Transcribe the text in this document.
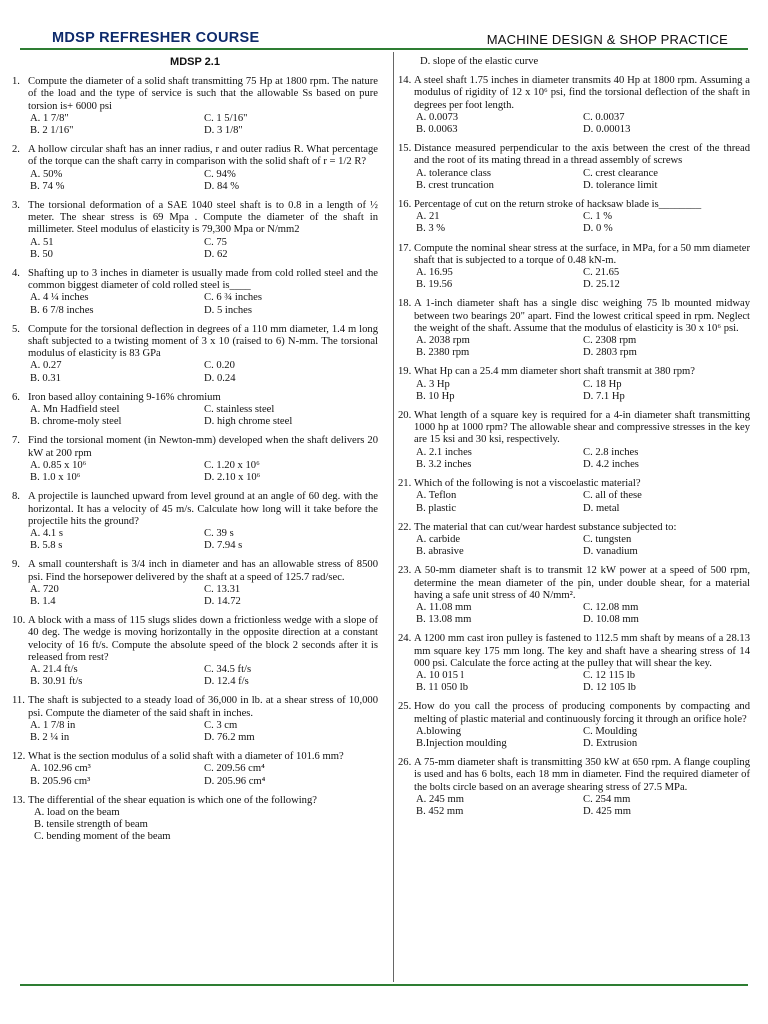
MDSP REFRESHER COURSE	MACHINE DESIGN & SHOP PRACTICE
MDSP 2.1
1. Compute the diameter of a solid shaft transmitting 75 Hp at 1800 rpm. The nature of the load and the type of service is such that the allowable Ss based on pure torsion is+ 6000 psi
A. 1 7/8"	C. 1 5/16"
B. 2 1/16"	D. 3 1/8"
2. A hollow circular shaft has an inner radius, r and outer radius R. What percentage of the torque can the shaft carry in comparison with the solid shaft of r = 1/2 R?
A. 50%	C. 94%
B. 74 %	D. 84 %
3. The torsional deformation of a SAE 1040 steel shaft is to 0.8 in a length of ½ meter. The shear stress is 69 Mpa . Compute the diameter of the shaft in millimeter. Steel modulus of elasticity is 79,300 Mpa or N/mm2
A. 51	C. 75
B. 50	D. 62
4. Shafting up to 3 inches in diameter is usually made from cold rolled steel and the common biggest diameter of cold rolled steel is____
A. 4 ¼ inches	C. 6 ¾ inches
B. 6 7/8 inches	D. 5 inches
5. Compute for the torsional deflection in degrees of a 110 mm diameter, 1.4 m long shaft subjected to a twisting moment of 3 x 10 (raised to 6) N-mm. The torsional modulus of elasticity is 83 GPa
A. 0.27	C. 0.20
B. 0.31	D. 0.24
6. Iron based alloy containing 9-16% chromium
A. Mn Hadfield steel	C. stainless steel
B. chrome-moly steel	D. high chrome steel
7. Find the torsional moment (in Newton-mm) developed when the shaft delivers 20 kW at 200 rpm
A. 0.85 x 10⁶	C. 1.20 x 10⁶
B. 1.0 x 10⁶	D. 2.10 x 10⁶
8. A projectile is launched upward from level ground at an angle of 60 deg. with the horizontal. It has a velocity of 45 m/s. Calculate how long will it take before the projectile hits the ground?
A. 4.1 s	C. 39 s
B. 5.8 s	D. 7.94 s
9. A small countershaft is 3/4 inch in diameter and has an allowable stress of 8500 psi. Find the horsepower delivered by the shaft at a speed of 125.7 rad/sec.
A. 720	C. 13.31
B. 1.4	D. 14.72
10. A block with a mass of 115 slugs slides down a frictionless wedge with a slope of 40 deg. The wedge is moving horizontally in the opposite direction at a constant velocity of 16 ft/s. Compute the absolute speed of the block 2 seconds after it is released from rest?
A. 21.4 ft/s	C. 34.5 ft/s
B. 30.91 ft/s	D. 12.4 f/s
11. The shaft is subjected to a steady load of 36,000 in lb. at a shear stress of 10,000 psi. Compute the diameter of the said shaft in inches.
A. 1 7/8 in	C. 3 cm
B. 2 ¼ in	D. 76.2 mm
12. What is the section modulus of a solid shaft with a diameter of 101.6 mm?
A. 102.96 cm³	C. 209.56 cm⁴
B. 205.96 cm³	D. 205.96 cm⁴
13. The differential of the shear equation is which one of the following?
A. load on the beam
B. tensile strength of beam
C. bending moment of the beam
D. slope of the elastic curve
14. A steel shaft 1.75 inches in diameter transmits 40 Hp at 1800 rpm. Assuming a modulus of rigidity of 12 x 10⁶ psi, find the torsional deflection of the shaft in degrees per foot length.
A. 0.0073	C. 0.0037
B. 0.0063	D. 0.00013
15. Distance measured perpendicular to the axis between the crest of the thread and the root of its mating thread in a thread assembly of screws
A. tolerance class	C. crest clearance
B. crest truncation	D. tolerance limit
16. Percentage of cut on the return stroke of hacksaw blade is________
A. 21	C. 1 %
B. 3 %	D. 0 %
17. Compute the nominal shear stress at the surface, in MPa, for a 50 mm diameter shaft that is subjected to a torque of 0.48 kN-m.
A. 16.95	C. 21.65
B. 19.56	D. 25.12
18. A 1-inch diameter shaft has a single disc weighing 75 lb mounted midway between two bearings 20" apart. Find the lowest critical speed in rpm. Neglect the weight of the shaft. Assume that the modulus of elasticity is 30 x 10⁶ psi.
A. 2038 rpm	C. 2308 rpm
B. 2380 rpm	D. 2803 rpm
19. What Hp can a 25.4 mm diameter short shaft transmit at 380 rpm?
A. 3 Hp	C. 18 Hp
B. 10 Hp	D. 7.1 Hp
20. What length of a square key is required for a 4-in diameter shaft transmitting 1000 hp at 1000 rpm? The allowable shear and compressive stresses in the key are 15 ksi and 30 ksi, respectively.
A. 2.1 inches	C. 2.8 inches
B. 3.2 inches	D. 4.2 inches
21. Which of the following is not a viscoelastic material?
A. Teflon	C. all of these
B. plastic	D. metal
22. The material that can cut/wear hardest substance subjected to:
A. carbide	C. tungsten
B. abrasive	D. vanadium
23. A 50-mm diameter shaft is to transmit 12 kW power at a speed of 500 rpm, determine the mean diameter of the pin, under double shear, for a material having a safe unit stress of 40 N/mm².
A. 11.08 mm	C. 12.08 mm
B. 13.08 mm	D. 10.08 mm
24. A 1200 mm cast iron pulley is fastened to 112.5 mm shaft by means of a 28.13 mm square key 175 mm long. The key and shaft have a shearing stress of 14 000 psi. Calculate the force acting at the pulley that will shear the key.
A. 10 015 l	C. 12 115 lb
B. 11 050 lb	D. 12 105 lb
25. How do you call the process of producing components by compacting and melting of plastic material and continuously forcing it through an orifice hole?
A.blowing	C. Moulding
B.Injection moulding	D. Extrusion
26. A 75-mm diameter shaft is transmitting 350 kW at 650 rpm. A flange coupling is used and has 6 bolts, each 18 mm in diameter. Find the required diameter of the bolts circle based on an average shearing stress of 27.5 MPa.
A. 245 mm	C. 254 mm
B. 452 mm	D. 425 mm
